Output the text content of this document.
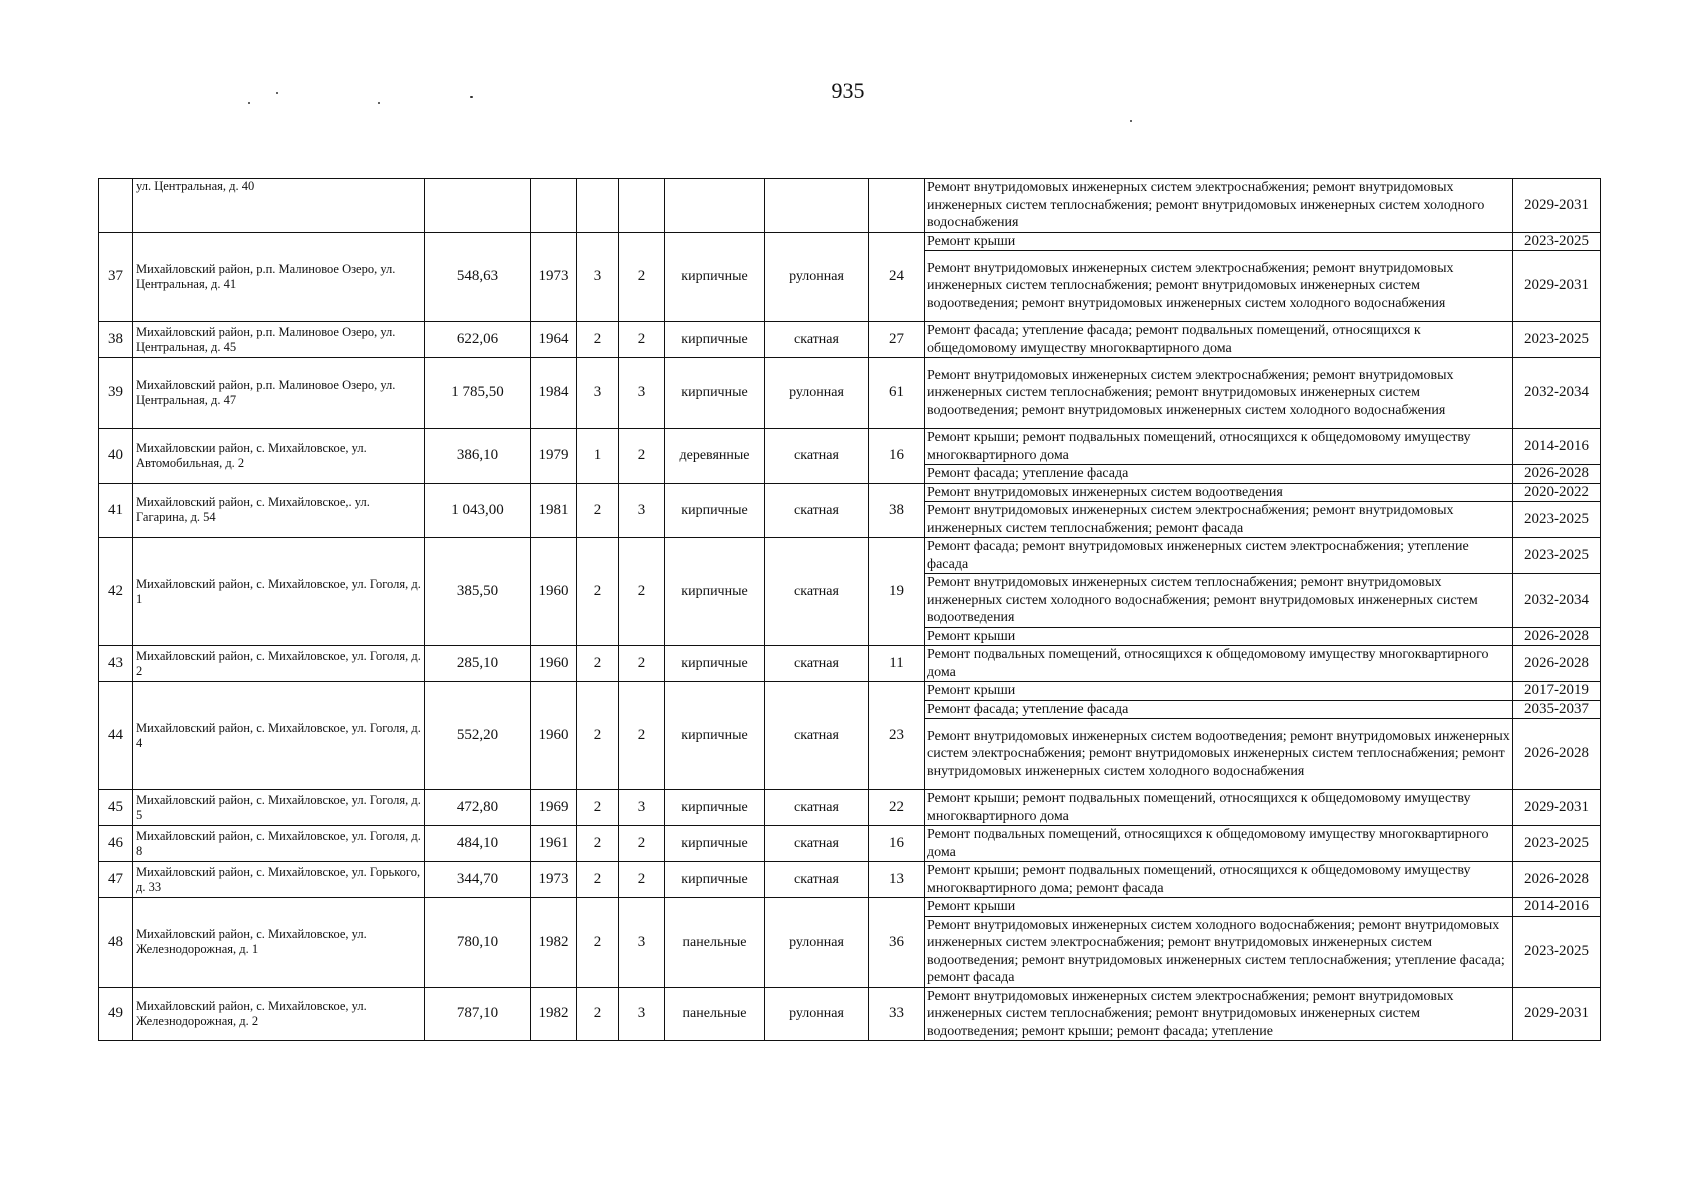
935
	ул. Центральная, д. 40								Ремонт внутридомовых инженерных систем электроснабжения; ремонт внутридомовых инженерных систем теплоснабжения; ремонт внутридомовых инженерных систем холодного водоснабжения	2029-2031
37	Михайловский район, р.п. Малиновое Озеро, ул. Центральная, д. 41	548,63	1973	3	2	кирпичные	рулонная	24	Ремонт крыши	2023-2025
									Ремонт внутридомовых инженерных систем электроснабжения; ремонт внутридомовых инженерных систем теплоснабжения; ремонт внутридомовых инженерных систем водоотведения; ремонт внутридомовых инженерных систем холодного водоснабжения	2029-2031
38	Михайловский район, р.п. Малиновое Озеро, ул. Центральная, д. 45	622,06	1964	2	2	кирпичные	скатная	27	Ремонт фасада; утепление фасада; ремонт подвальных помещений, относящихся к общедомовому имуществу многоквартирного дома	2023-2025
39	Михайловский район, р.п. Малиновое Озеро, ул. Центральная, д. 47	1 785,50	1984	3	3	кирпичные	рулонная	61	Ремонт внутридомовых инженерных систем электроснабжения; ремонт внутридомовых инженерных систем теплоснабжения; ремонт внутридомовых инженерных систем водоотведения; ремонт внутридомовых инженерных систем холодного водоснабжения	2032-2034
40	Михайловскии район, с. Михайловское, ул. Автомобильная, д. 2	386,10	1979	1	2	деревянные	скатная	16	Ремонт крыши; ремонт подвальных помещений, относящихся к общедомовому имуществу многоквартирного дома	2014-2016
									Ремонт фасада; утепление фасада	2026-2028
41	Михайловский район, с. Михайловское,. ул. Гагарина, д. 54	1 043,00	1981	2	3	кирпичные	скатная	38	Ремонт внутридомовых инженерных систем водоотведения	2020-2022
									Ремонт внутридомовых инженерных систем электроснабжения; ремонт внутридомовых инженерных систем теплоснабжения; ремонт фасада	2023-2025
42	Михайловский район, с. Михайловское, ул. Гоголя, д. 1	385,50	1960	2	2	кирпичные	скатная	19	Ремонт фасада; ремонт внутридомовых инженерных систем электроснабжения; утепление фасада	2023-2025
									Ремонт внутридомовых инженерных систем теплоснабжения; ремонт внутридомовых инженерных систем холодного водоснабжения; ремонт внутридомовых инженерных систем водоотведения	2032-2034
									Ремонт крыши	2026-2028
43	Михайловский район, с. Михайловское, ул. Гоголя, д. 2	285,10	1960	2	2	кирпичные	скатная	11	Ремонт подвальных помещений, относящихся к общедомовому имуществу многоквартирного дома	2026-2028
44	Михайловский район, с. Михайловское, ул. Гоголя, д. 4	552,20	1960	2	2	кирпичные	скатная	23	Ремонт крыши	2017-2019
									Ремонт фасада; утепление фасада	2035-2037
									Ремонт внутридомовых инженерных систем водоотведения; ремонт внутридомовых инженерных систем электроснабжения; ремонт внутридомовых инженерных систем теплоснабжения; ремонт внутридомовых инженерных систем холодного водоснабжения	2026-2028
45	Михайловский район, с. Михайловское, ул. Гоголя, д. 5	472,80	1969	2	3	кирпичные	скатная	22	Ремонт крыши; ремонт подвальных помещений, относящихся к общедомовому имуществу многоквартирного дома	2029-2031
46	Михайловский район, с. Михайловское, ул. Гоголя, д. 8	484,10	1961	2	2	кирпичные	скатная	16	Ремонт подвальных помещений, относящихся к общедомовому имуществу многоквартирного дома	2023-2025
47	Михайловский район, с. Михайловское, ул. Горького, д. 33	344,70	1973	2	2	кирпичные	скатная	13	Ремонт крыши; ремонт подвальных помещений, относящихся к общедомовому имуществу многоквартирного дома; ремонт фасада	2026-2028
48	Михайловский район, с. Михайловское, ул. Железнодорожная, д. 1	780,10	1982	2	3	панельные	рулонная	36	Ремонт крыши	2014-2016
									Ремонт внутридомовых инженерных систем холодного водоснабжения; ремонт внутридомовых инженерных систем электроснабжения; ремонт внутридомовых инженерных систем водоотведения; ремонт внутридомовых инженерных систем теплоснабжения; утепление фасада; ремонт фасада	2023-2025
49	Михайловский район, с. Михайловское, ул. Железнодорожная, д. 2	787,10	1982	2	3	панельные	рулонная	33	Ремонт внутридомовых инженерных систем электроснабжения; ремонт внутридомовых инженерных систем теплоснабжения; ремонт внутридомовых инженерных систем водоотведения; ремонт крыши; ремонт фасада; утепление	2029-2031
